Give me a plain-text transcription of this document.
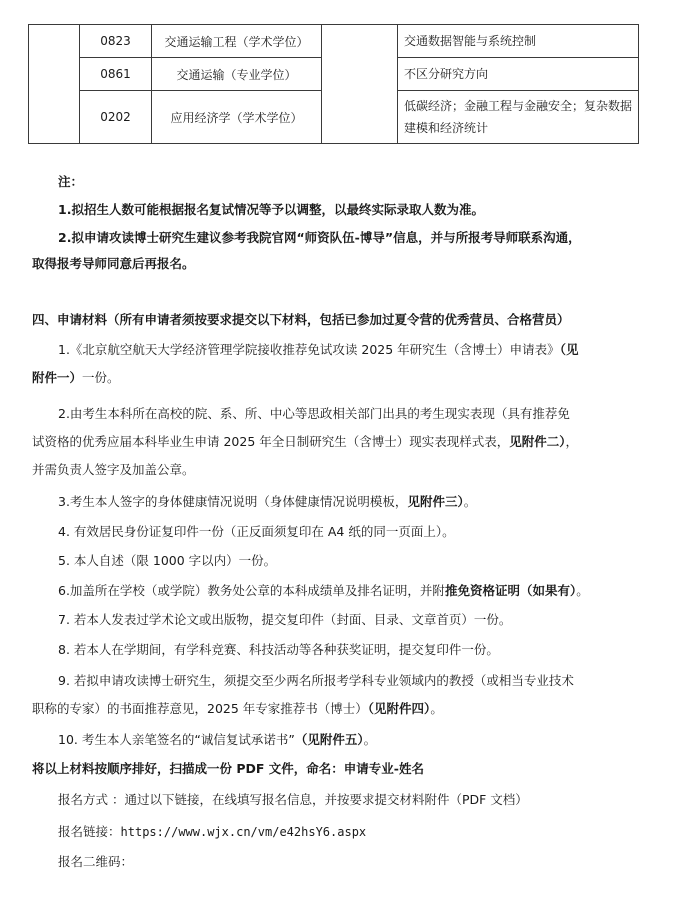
	0823	交通运输工程（学术学位）		交通数据智能与系统控制
	0861	交通运输（专业学位）		不区分研究方向
	0202	应用经济学（学术学位）		低碳经济；金融工程与金融安全；复杂数据建模和经济统计
注：
1.拟招生人数可能根据报名复试情况等予以调整，以最终实际录取人数为准。
2.拟申请攻读博士研究生建议参考我院官网“师资队伍-博导”信息，并与所报考导师联系沟通，
取得报考导师同意后再报名。
四、申请材料（所有申请者须按要求提交以下材料，包括已参加过夏令营的优秀营员、合格营员）
1.《北京航空航天大学经济管理学院接收推荐免试攻读 2025 年研究生（含博士）申请表》（见
附件一）一份。
2.由考生本科所在高校的院、系、所、中心等思政相关部门出具的考生现实表现（具有推荐免
试资格的优秀应届本科毕业生申请 2025 年全日制研究生（含博士）现实表现样式表，见附件二），
并需负责人签字及加盖公章。
3.考生本人签字的身体健康情况说明（身体健康情况说明模板，见附件三）。
4. 有效居民身份证复印件一份（正反面须复印在 A4 纸的同一页面上）。
5. 本人自述（限 1000 字以内）一份。
6.加盖所在学校（或学院）教务处公章的本科成绩单及排名证明，并附推免资格证明（如果有）。
7. 若本人发表过学术论文或出版物，提交复印件（封面、目录、文章首页）一份。
8. 若本人在学期间，有学科竞赛、科技活动等各种获奖证明，提交复印件一份。
9. 若拟申请攻读博士研究生，须提交至少两名所报考学科专业领域内的教授（或相当专业技术
职称的专家）的书面推荐意见，2025 年专家推荐书（博士）（见附件四）。
10. 考生本人亲笔签名的“诚信复试承诺书”（见附件五）。
将以上材料按顺序排好，扫描成一份 PDF 文件，命名：申请专业-姓名
报名方式 ：通过以下链接，在线填写报名信息，并按要求提交材料附件（PDF 文档）
报名链接：https://www.wjx.cn/vm/e42hsY6.aspx
报名二维码：
